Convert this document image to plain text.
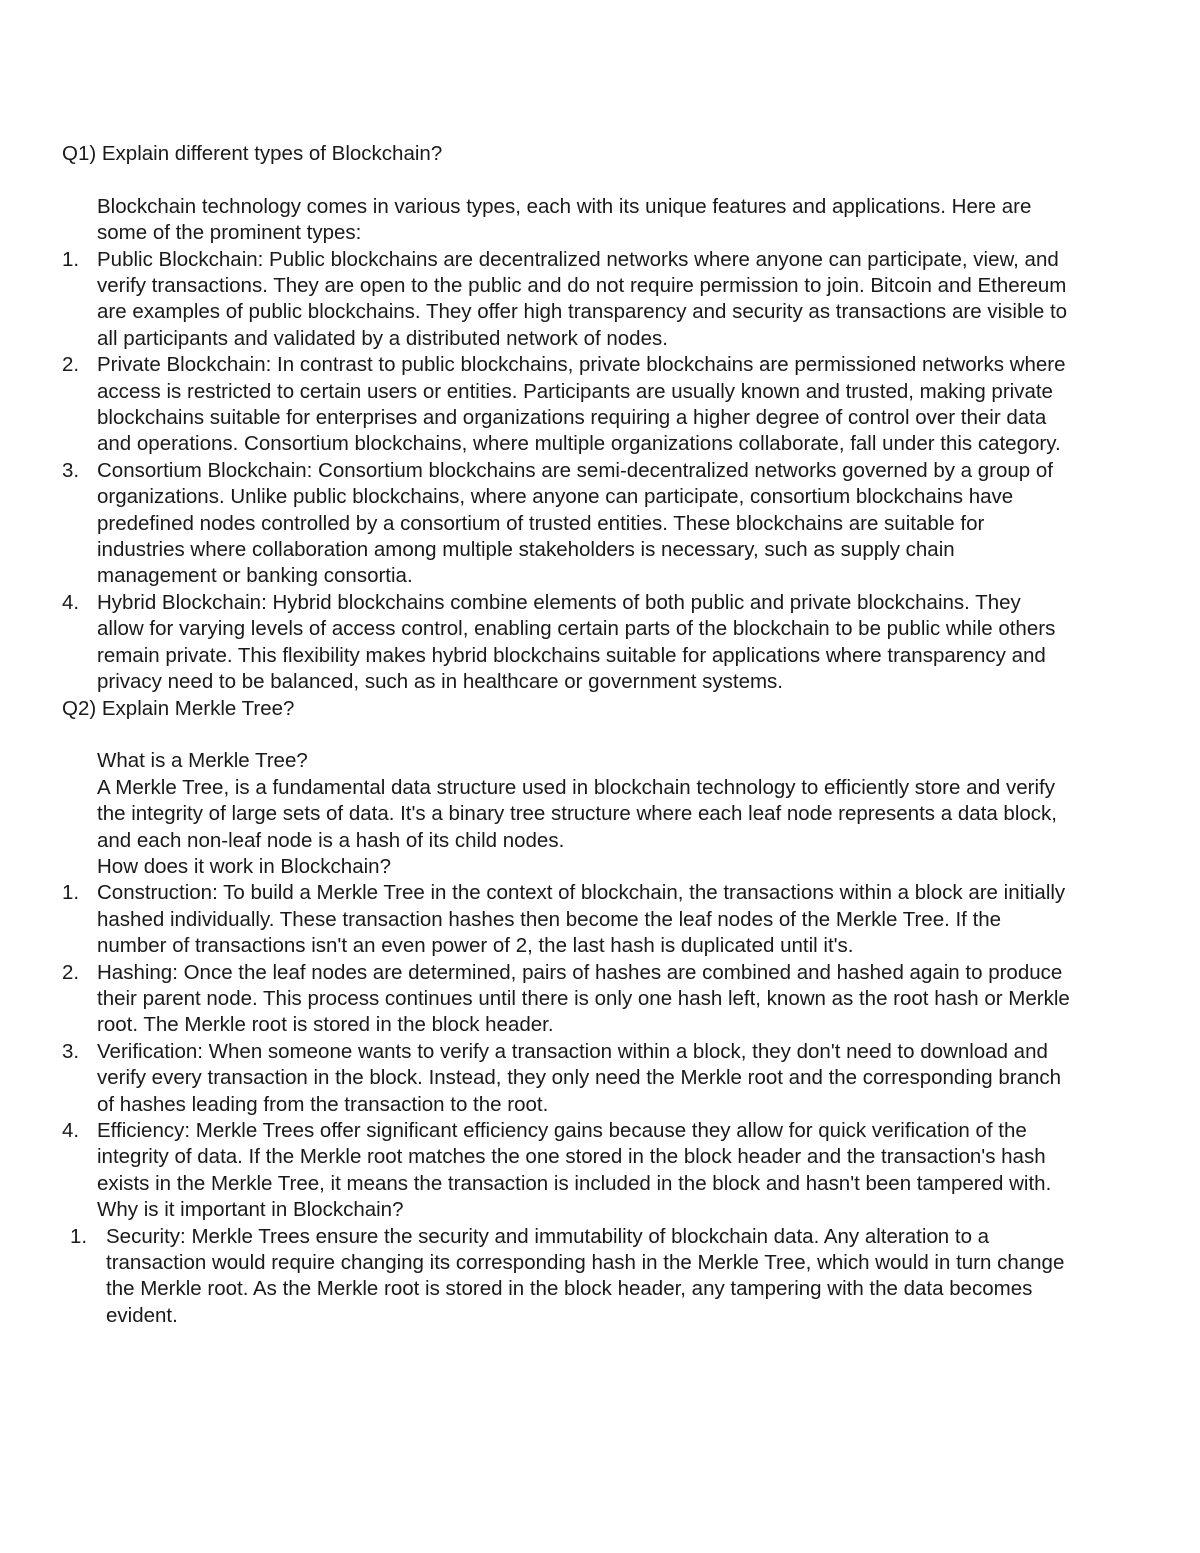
Q1) Explain different types of Blockchain?
Blockchain technology comes in various types, each with its unique features and applications. Here are some of the prominent types:
1. Public Blockchain: Public blockchains are decentralized networks where anyone can participate, view, and verify transactions. They are open to the public and do not require permission to join. Bitcoin and Ethereum are examples of public blockchains. They offer high transparency and security as transactions are visible to all participants and validated by a distributed network of nodes.
2. Private Blockchain: In contrast to public blockchains, private blockchains are permissioned networks where access is restricted to certain users or entities. Participants are usually known and trusted, making private blockchains suitable for enterprises and organizations requiring a higher degree of control over their data and operations. Consortium blockchains, where multiple organizations collaborate, fall under this category.
3. Consortium Blockchain: Consortium blockchains are semi-decentralized networks governed by a group of organizations. Unlike public blockchains, where anyone can participate, consortium blockchains have predefined nodes controlled by a consortium of trusted entities. These blockchains are suitable for industries where collaboration among multiple stakeholders is necessary, such as supply chain management or banking consortia.
4. Hybrid Blockchain: Hybrid blockchains combine elements of both public and private blockchains. They allow for varying levels of access control, enabling certain parts of the blockchain to be public while others remain private. This flexibility makes hybrid blockchains suitable for applications where transparency and privacy need to be balanced, such as in healthcare or government systems.
Q2) Explain Merkle Tree?
What is a Merkle Tree?
A Merkle Tree, is a fundamental data structure used in blockchain technology to efficiently store and verify the integrity of large sets of data. It's a binary tree structure where each leaf node represents a data block, and each non-leaf node is a hash of its child nodes.
How does it work in Blockchain?
1. Construction: To build a Merkle Tree in the context of blockchain, the transactions within a block are initially hashed individually. These transaction hashes then become the leaf nodes of the Merkle Tree. If the number of transactions isn't an even power of 2, the last hash is duplicated until it's.
2. Hashing: Once the leaf nodes are determined, pairs of hashes are combined and hashed again to produce their parent node. This process continues until there is only one hash left, known as the root hash or Merkle root. The Merkle root is stored in the block header.
3. Verification: When someone wants to verify a transaction within a block, they don't need to download and verify every transaction in the block. Instead, they only need the Merkle root and the corresponding branch of hashes leading from the transaction to the root.
4. Efficiency: Merkle Trees offer significant efficiency gains because they allow for quick verification of the integrity of data. If the Merkle root matches the one stored in the block header and the transaction's hash exists in the Merkle Tree, it means the transaction is included in the block and hasn't been tampered with.
Why is it important in Blockchain?
1. Security: Merkle Trees ensure the security and immutability of blockchain data. Any alteration to a transaction would require changing its corresponding hash in the Merkle Tree, which would in turn change the Merkle root. As the Merkle root is stored in the block header, any tampering with the data becomes evident.
